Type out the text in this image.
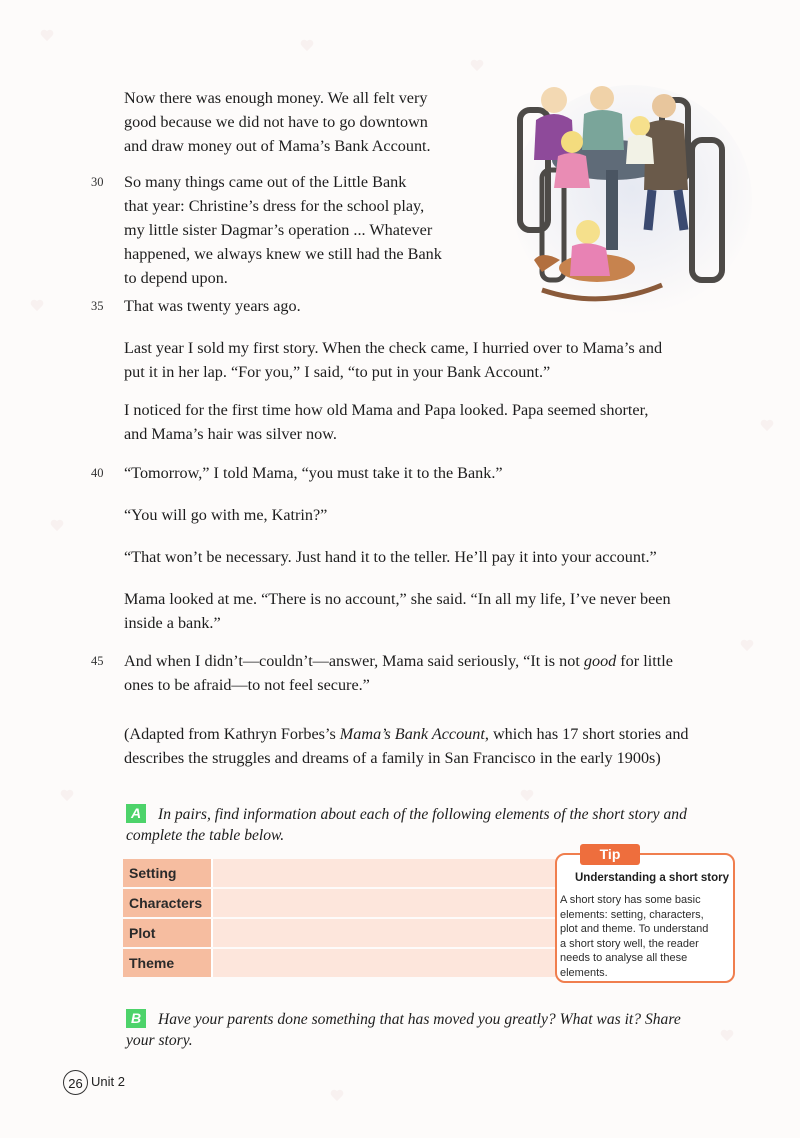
Now there was enough money. We all felt very
good because we did not have to go downtown
and draw money out of Mama’s Bank Account.
30 So many things came out of the Little Bank
that year: Christine’s dress for the school play,
my little sister Dagmar’s operation ... Whatever
happened, we always knew we still had the Bank
to depend upon.
35 That was twenty years ago.
Last year I sold my first story. When the check came, I hurried over to Mama’s and
put it in her lap. “For you,” I said, “to put in your Bank Account.”
I noticed for the first time how old Mama and Papa looked. Papa seemed shorter,
and Mama’s hair was silver now.
40 “Tomorrow,” I told Mama, “you must take it to the Bank.”
“You will go with me, Katrin?”
“That won’t be necessary. Just hand it to the teller. He’ll pay it into your account.”
Mama looked at me. “There is no account,” she said. “In all my life, I’ve never been
inside a bank.”
45 And when I didn’t—couldn’t—answer, Mama said seriously, “It is not good for little
ones to be afraid—to not feel secure.”
(Adapted from Kathryn Forbes’s Mama’s Bank Account, which has 17 short stories and
describes the struggles and dreams of a family in San Francisco in the early 1900s)
A In pairs, find information about each of the following elements of the short story and
complete the table below.
Setting	
Characters	
Plot	
Theme	
Tip
Understanding a short story
A short story has some basic
elements: setting, characters,
plot and theme. To understand
a short story well, the reader
needs to analyse all these
elements.
B Have your parents done something that has moved you greatly? What was it? Share
your story.
26 Unit 2
